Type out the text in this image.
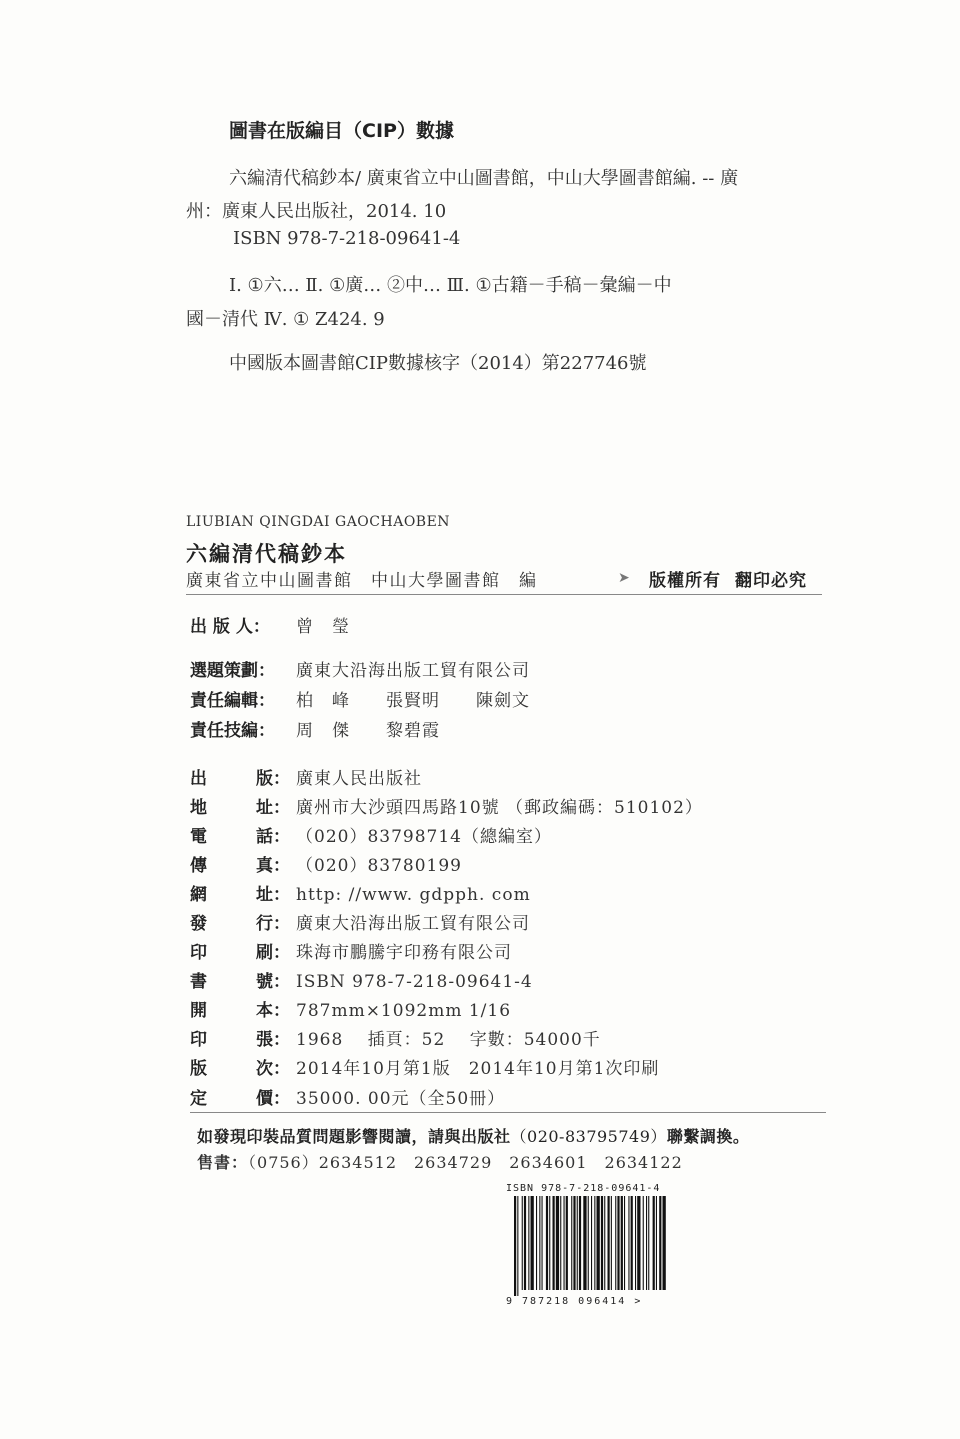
圖書在版編目（CIP）數據
六編清代稿鈔本/ 廣東省立中山圖書館，中山大學圖書館編. -- 廣
州：廣東人民出版社，2014. 10
ISBN 978-7-218-09641-4
Ⅰ. ①六… Ⅱ. ①廣… ②中… Ⅲ. ①古籍－手稿－彙編－中
國－清代 Ⅳ. ① Z424. 9
中國版本圖書館CIP數據核字（2014）第227746號
LIUBIAN QINGDAI GAOCHAOBEN
六編清代稿鈔本
廣東省立中山圖書館　中山大學圖書館　編	➤ 版權所有 翻印必究
出 版 人： 曾　瑩
選題策劃： 廣東大沿海出版工貿有限公司
責任編輯： 柏　峰　　張賢明　　陳劍文
責任技編： 周　傑　　黎碧霞
出	版： 廣東人民出版社
地	址： 廣州市大沙頭四馬路10號 （郵政編碼：510102）
電	話： （020）83798714（總編室）
傳	真： （020）83780199
網	址： http: //www. gdpph. com
發	行： 廣東大沿海出版工貿有限公司
印	刷： 珠海市鵬騰宇印務有限公司
書	號： ISBN 978-7-218-09641-4
開	本： 787mm×1092mm 1/16
印	張： 1968　 插頁：52　 字數：54000千
版	次： 2014年10月第1版　2014年10月第1次印刷
定	價： 35000. 00元（全50冊）
如發現印裝品質問題影響閱讀，請與出版社（020-83795749）聯繫調換。
售書：（0756）2634512　2634729　2634601　2634122
ISBN 978-7-218-09641-4
9 787218 096414 >
